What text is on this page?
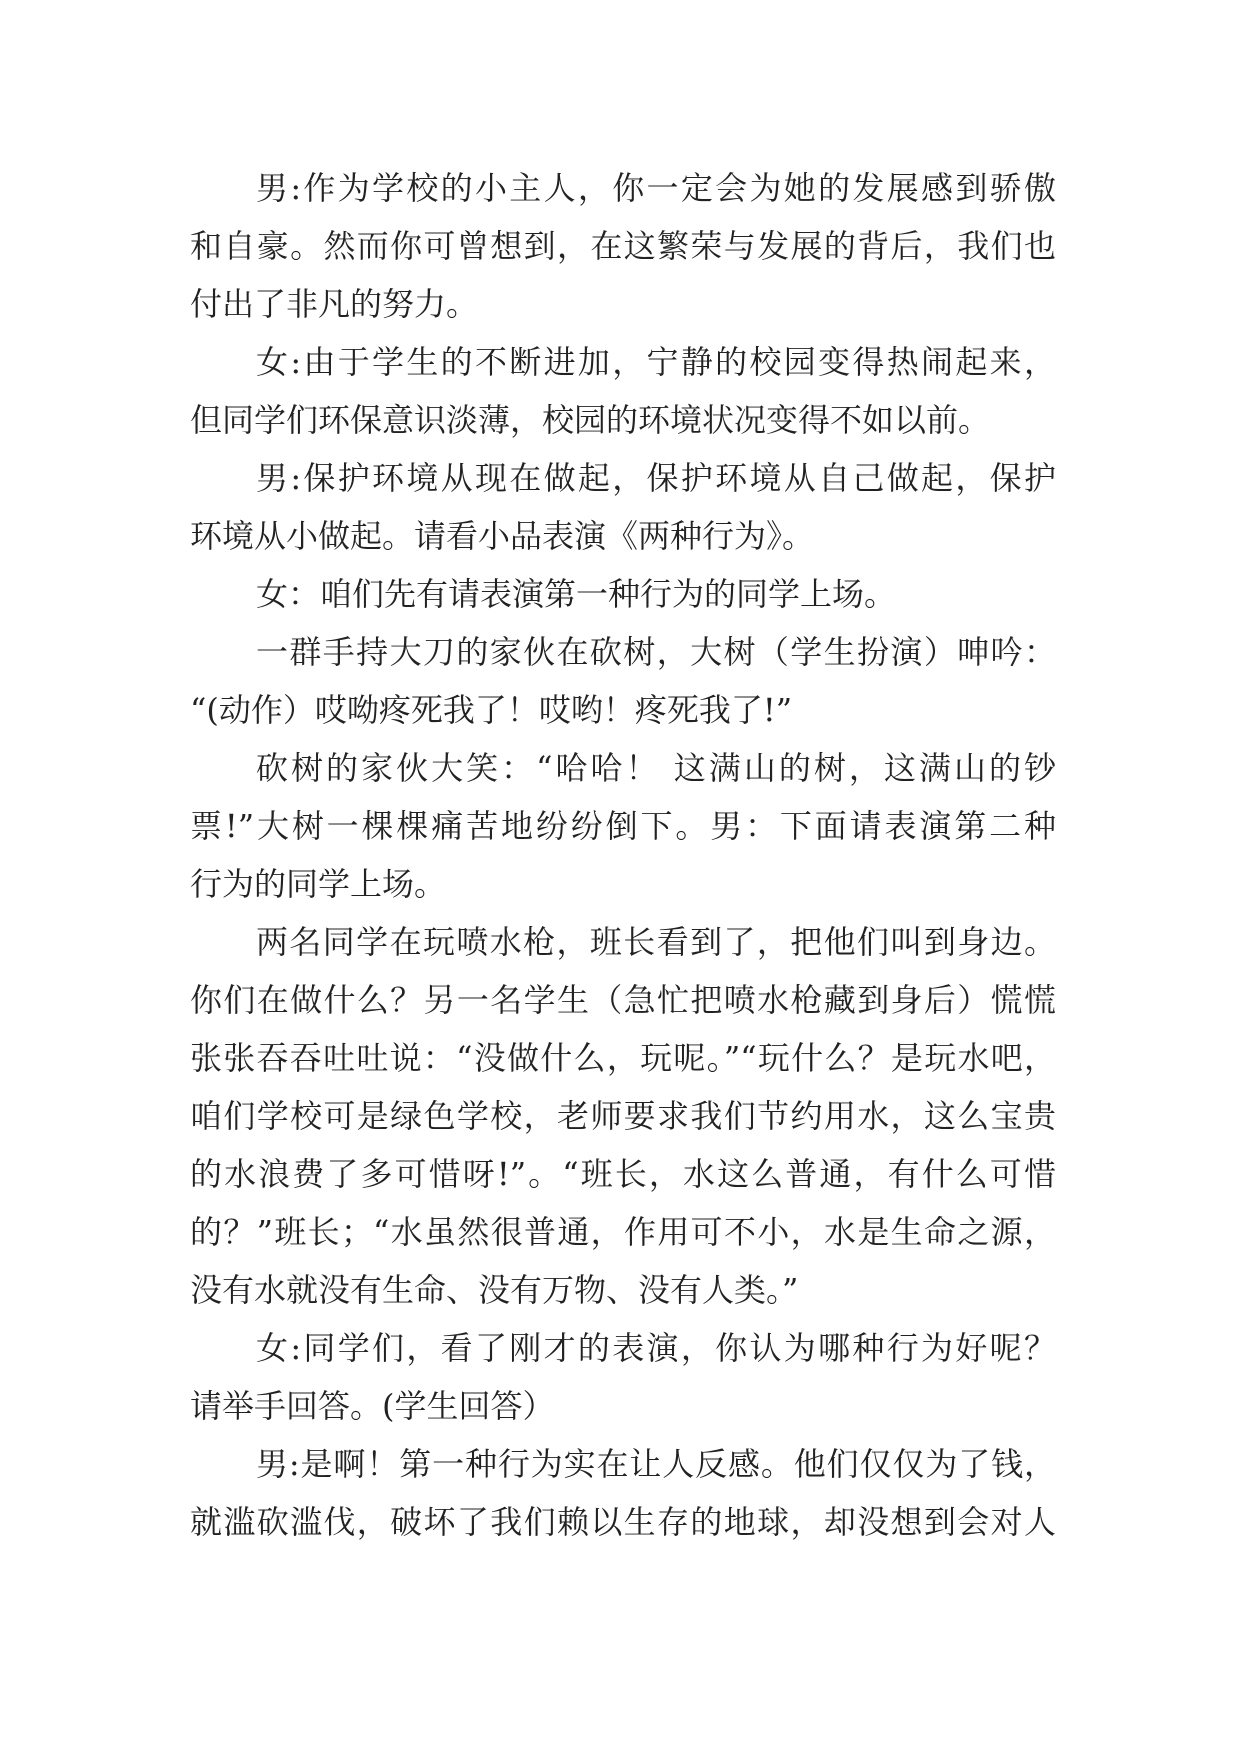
男:作为学校的小主人，你一定会为她的发展感到骄傲
和自豪。然而你可曾想到，在这繁荣与发展的背后，我们也
付出了非凡的努力。
女:由于学生的不断进加，宁静的校园变得热闹起来，
但同学们环保意识淡薄，校园的环境状况变得不如以前。
男:保护环境从现在做起，保护环境从自己做起，保护
环境从小做起。请看小品表演《两种行为》。
女：咱们先有请表演第一种行为的同学上场。
一群手持大刀的家伙在砍树，大树（学生扮演）呻吟：
“(动作）哎呦疼死我了！哎哟！疼死我了!”
砍树的家伙大笑：“哈哈！ 这满山的树，这满山的钞
票!”大树一棵棵痛苦地纷纷倒下。男：下面请表演第二种
行为的同学上场。
两名同学在玩喷水枪，班长看到了，把他们叫到身边。
你们在做什么？另一名学生（急忙把喷水枪藏到身后）慌慌
张张吞吞吐吐说：“没做什么，玩呢。”“玩什么？是玩水吧，
咱们学校可是绿色学校，老师要求我们节约用水，这么宝贵
的水浪费了多可惜呀!”。“班长，水这么普通，有什么可惜
的？”班长；“水虽然很普通，作用可不小，水是生命之源，
没有水就没有生命、没有万物、没有人类。”
女:同学们，看了刚才的表演，你认为哪种行为好呢？
请举手回答。(学生回答）
男:是啊！第一种行为实在让人反感。他们仅仅为了钱，
就滥砍滥伐，破坏了我们赖以生存的地球，却没想到会对人
